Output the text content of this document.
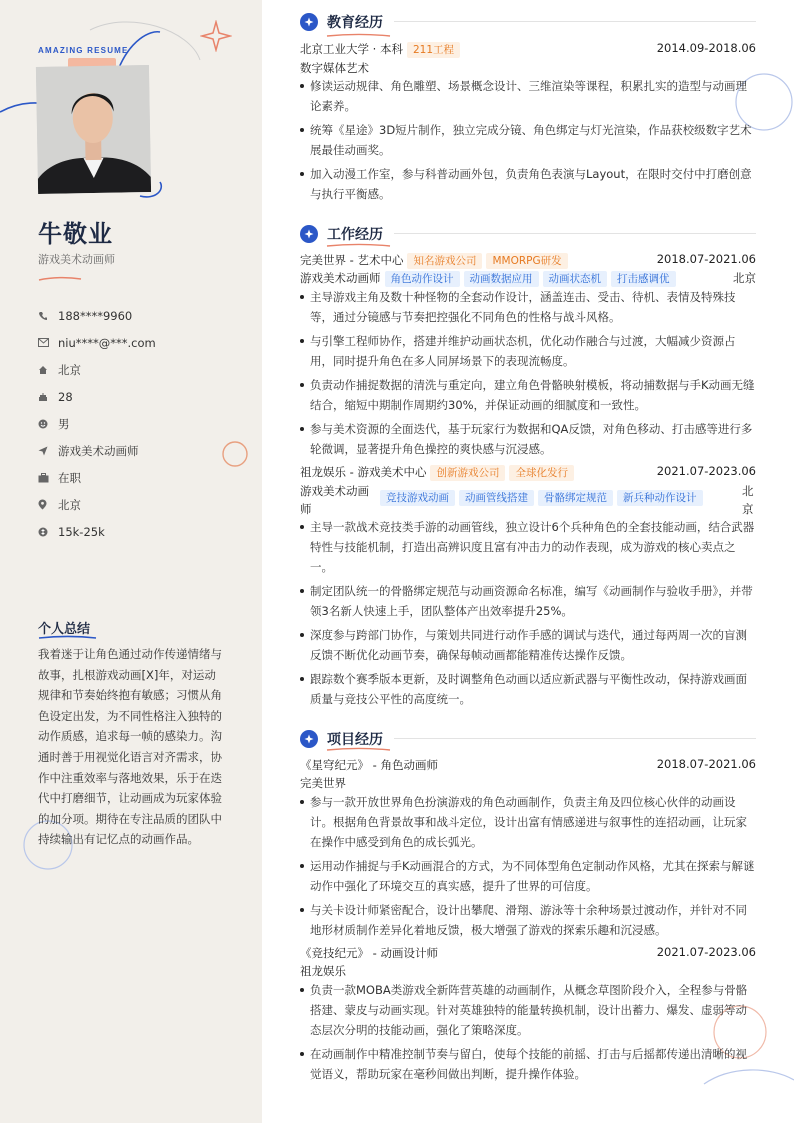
AMAZING RESUME
牛敬业
游戏美术动画师
188****9960
niu****@***.com
北京
28
男
游戏美术动画师
在职
北京
15k-25k
个人总结
我着迷于让角色通过动作传递情绪与故事，扎根游戏动画[X]年，对运动规律和节奏始终抱有敏感；习惯从角色设定出发，为不同性格注入独特的动作质感，追求每一帧的感染力。沟通时善于用视觉化语言对齐需求，协作中注重效率与落地效果，乐于在迭代中打磨细节，让动画成为玩家体验的加分项。期待在专注品质的团队中持续输出有记忆点的动画作品。
教育经历
北京工业大学 · 本科 211工程	2014.09-2018.06
数字媒体艺术
修读运动规律、角色雕塑、场景概念设计、三维渲染等课程，积累扎实的造型与动画理论素养。
统筹《星途》3D短片制作，独立完成分镜、角色绑定与灯光渲染，作品获校级数字艺术展最佳动画奖。
加入动漫工作室，参与科普动画外包，负责角色表演与Layout，在限时交付中打磨创意与执行平衡感。
工作经历
完美世界 - 艺术中心 知名游戏公司 MMORPG研发	2018.07-2021.06
游戏美术动画师 角色动作设计 动画数据应用 动画状态机 打击感调优	北京
主导游戏主角及数十种怪物的全套动作设计，涵盖连击、受击、待机、表情及特殊技等，通过分镜感与节奏把控强化不同角色的性格与战斗风格。
与引擎工程师协作，搭建并维护动画状态机，优化动作融合与过渡，大幅减少资源占用，同时提升角色在多人同屏场景下的表现流畅度。
负责动作捕捉数据的清洗与重定向，建立角色骨骼映射模板，将动捕数据与手K动画无缝结合，缩短中期制作周期约30%，并保证动画的细腻度和一致性。
参与美术资源的全面迭代，基于玩家行为数据和QA反馈，对角色移动、打击感等进行多轮微调，显著提升角色操控的爽快感与沉浸感。
祖龙娱乐 - 游戏美术中心 创新游戏公司 全球化发行	2021.07-2023.06
游戏美术动画师竞技游戏动画 动画管线搭建 骨骼绑定规范 新兵种动作设计	北京
主导一款战术竞技类手游的动画管线，独立设计6个兵种角色的全套技能动画，结合武器特性与技能机制，打造出高辨识度且富有冲击力的动作表现，成为游戏的核心卖点之一。
制定团队统一的骨骼绑定规范与动画资源命名标准，编写《动画制作与验收手册》，并带领3名新人快速上手，团队整体产出效率提升25%。
深度参与跨部门协作，与策划共同进行动作手感的调试与迭代，通过每两周一次的盲测反馈不断优化动画节奏，确保每帧动画都能精准传达操作反馈。
跟踪数个赛季版本更新，及时调整角色动画以适应新武器与平衡性改动，保持游戏画面质量与竞技公平性的高度统一。
项目经历
《星穹纪元》 - 角色动画师	2018.07-2021.06
完美世界
参与一款开放世界角色扮演游戏的角色动画制作，负责主角及四位核心伙伴的动画设计。根据角色背景故事和战斗定位，设计出富有情感递进与叙事性的连招动画，让玩家在操作中感受到角色的成长弧光。
运用动作捕捉与手K动画混合的方式，为不同体型角色定制动作风格，尤其在探索与解谜动作中强化了环境交互的真实感，提升了世界的可信度。
与关卡设计师紧密配合，设计出攀爬、滑翔、游泳等十余种场景过渡动作，并针对不同地形材质制作差异化着地反馈，极大增强了游戏的探索乐趣和沉浸感。
《竞技纪元》 - 动画设计师	2021.07-2023.06
祖龙娱乐
负责一款MOBA类游戏全新阵营英雄的动画制作，从概念草图阶段介入，全程参与骨骼搭建、蒙皮与动画实现。针对英雄独特的能量转换机制，设计出蓄力、爆发、虚弱等动态层次分明的技能动画，强化了策略深度。
在动画制作中精准控制节奏与留白，使每个技能的前摇、打击与后摇都传递出清晰的视觉语义，帮助玩家在毫秒间做出判断，提升操作体验。
